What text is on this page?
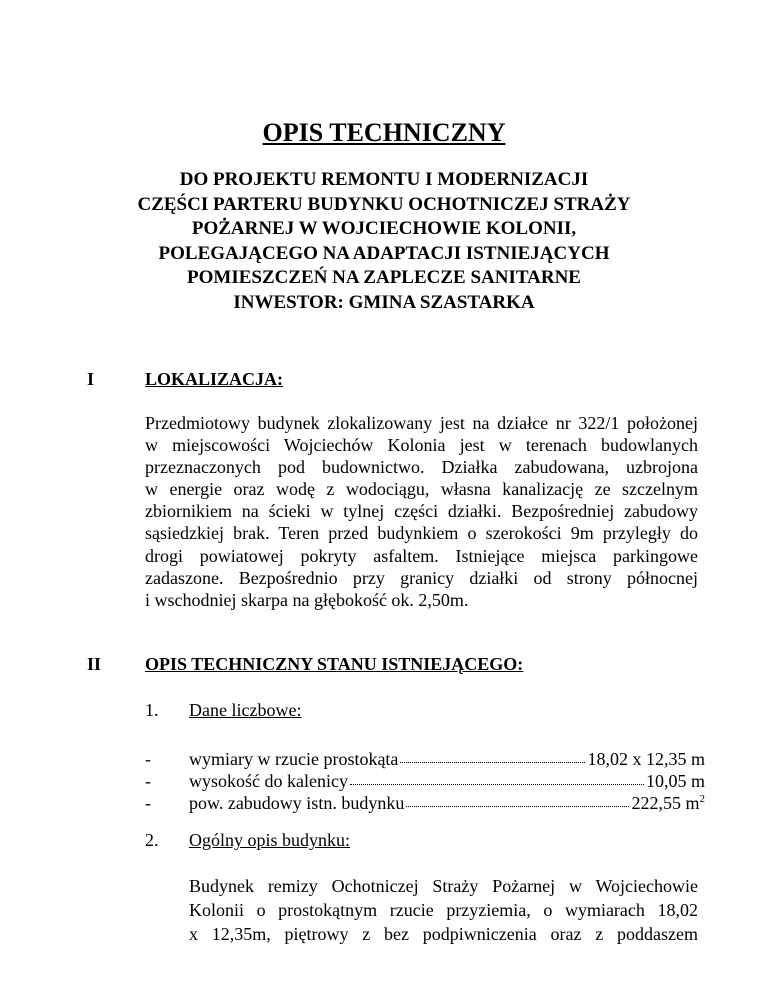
OPIS TECHNICZNY
DO PROJEKTU REMONTU I MODERNIZACJI
CZĘŚCI PARTERU BUDYNKU OCHOTNICZEJ STRAŻY
POŻARNEJ W WOJCIECHOWIE KOLONII,
POLEGAJĄCEGO NA ADAPTACJI ISTNIEJĄCYCH
POMIESZCZEŃ NA ZAPLECZE SANITARNE
INWESTOR: GMINA SZASTARKA
I	LOKALIZACJA:
Przedmiotowy budynek zlokalizowany jest na działce nr 322/1 położonej
w miejscowości Wojciechów Kolonia jest w terenach budowlanych
przeznaczonych pod budownictwo. Działka zabudowana, uzbrojona
w energie oraz wodę z wodociągu, własna kanalizację ze szczelnym
zbiornikiem na ścieki w tylnej części działki. Bezpośredniej zabudowy
sąsiedzkiej brak. Teren przed budynkiem o szerokości 9m przyległy do
drogi powiatowej pokryty asfaltem. Istniejące miejsca parkingowe
zadaszone. Bezpośrednio przy granicy działki od strony północnej
i wschodniej skarpa na głębokość ok. 2,50m.
II OPIS TECHNICZNY STANU ISTNIEJĄCEGO:
1. Dane liczbowe:
-	wymiary w rzucie prostokąta	18,02 x 12,35 m
-	wysokość do kalenicy	10,05 m
-	pow. zabudowy istn. budynku	222,55 $m^2$
2. Ogólny opis budynku:
Budynek remizy Ochotniczej Straży Pożarnej w Wojciechowie
Kolonii o prostokątnym rzucie przyziemia, o wymiarach 18,02
x 12,35m, piętrowy z bez podpiwniczenia oraz z poddaszem
